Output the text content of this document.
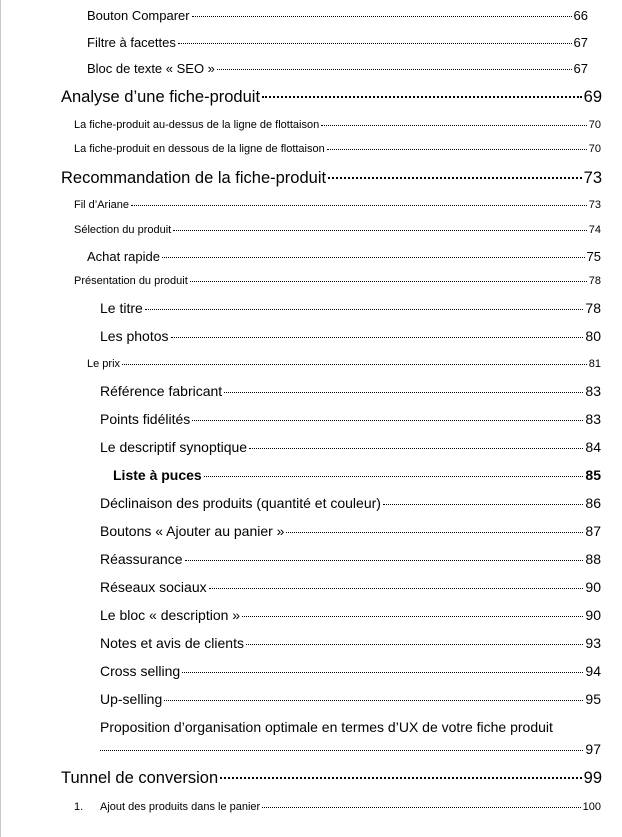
Bouton Comparer	66
Filtre à facettes	67
Bloc de texte « SEO »	67
Analyse d’une fiche-produit	69
La fiche-produit au-dessus de la ligne de flottaison	70
La fiche-produit en dessous de la ligne de flottaison	70
Recommandation de la fiche-produit	73
Fil d’Ariane	73
Sélection du produit	74
Achat rapide	75
Présentation du produit	78
Le titre	78
Les photos	80
Le prix	81
Référence fabricant	83
Points fidélités	83
Le descriptif synoptique	84
Liste à puces	85
Déclinaison des produits (quantité et couleur)	86
Boutons « Ajouter au panier »	87
Réassurance	88
Réseaux sociaux	90
Le bloc « description »	90
Notes et avis de clients	93
Cross selling	94
Up-selling	95
Proposition d’organisation optimale en termes d’UX de votre fiche produit
97
Tunnel de conversion	99
1.	Ajout des produits dans le panier	100
